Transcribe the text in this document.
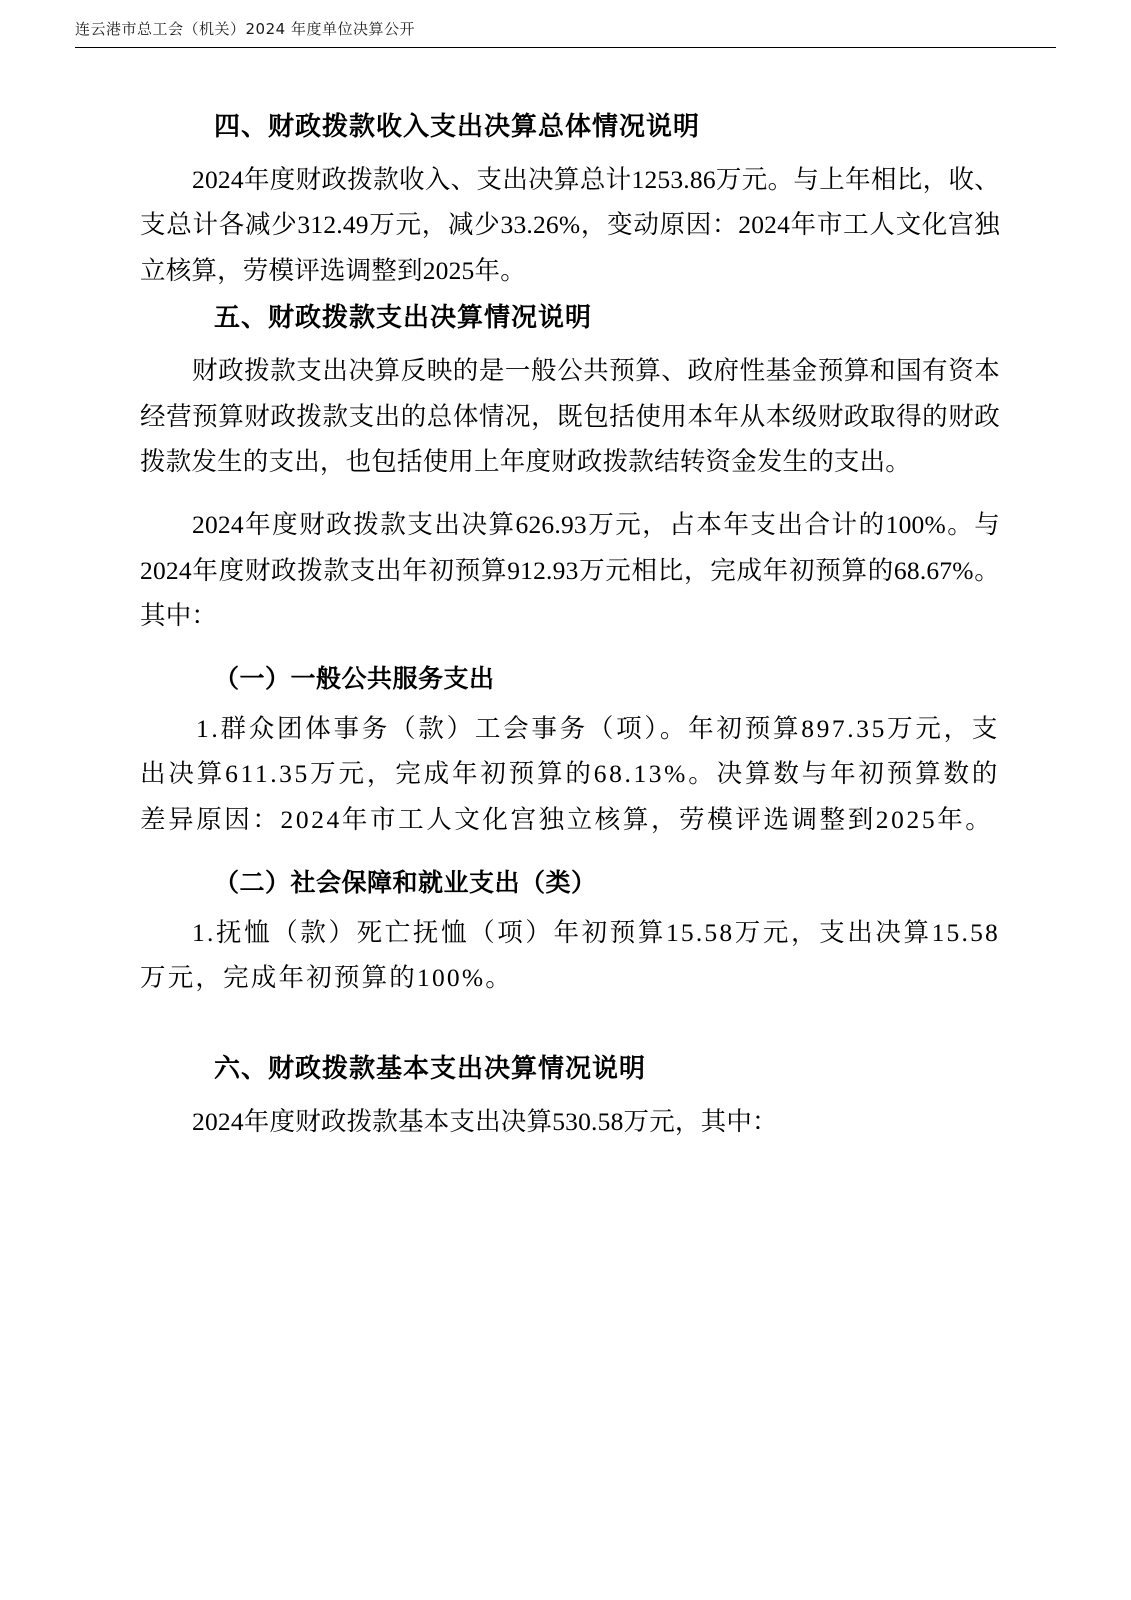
连云港市总工会（机关）2024 年度单位决算公开
四、财政拨款收入支出决算总体情况说明

2024年度财政拨款收入、支出决算总计1253.86万元。与上年相比，收、支总计各减少312.49万元，减少33.26%，变动原因：2024年市工人文化宫独立核算，劳模评选调整到2025年。

五、财政拨款支出决算情况说明

财政拨款支出决算反映的是一般公共预算、政府性基金预算和国有资本经营预算财政拨款支出的总体情况，既包括使用本年从本级财政取得的财政拨款发生的支出，也包括使用上年度财政拨款结转资金发生的支出。

2024年度财政拨款支出决算626.93万元，占本年支出合计的100%。与2024年度财政拨款支出年初预算912.93万元相比，完成年初预算的68.67%。其中：

（一）一般公共服务支出

1.群众团体事务（款）工会事务（项）。年初预算897.35万元，支出决算611.35万元，完成年初预算的68.13%。决算数与年初预算数的差异原因：2024年市工人文化宫独立核算，劳模评选调整到2025年。

（二）社会保障和就业支出（类）

1.抚恤（款）死亡抚恤（项）年初预算15.58万元，支出决算15.58万元，完成年初预算的100%。

六、财政拨款基本支出决算情况说明

2024年度财政拨款基本支出决算530.58万元，其中：
